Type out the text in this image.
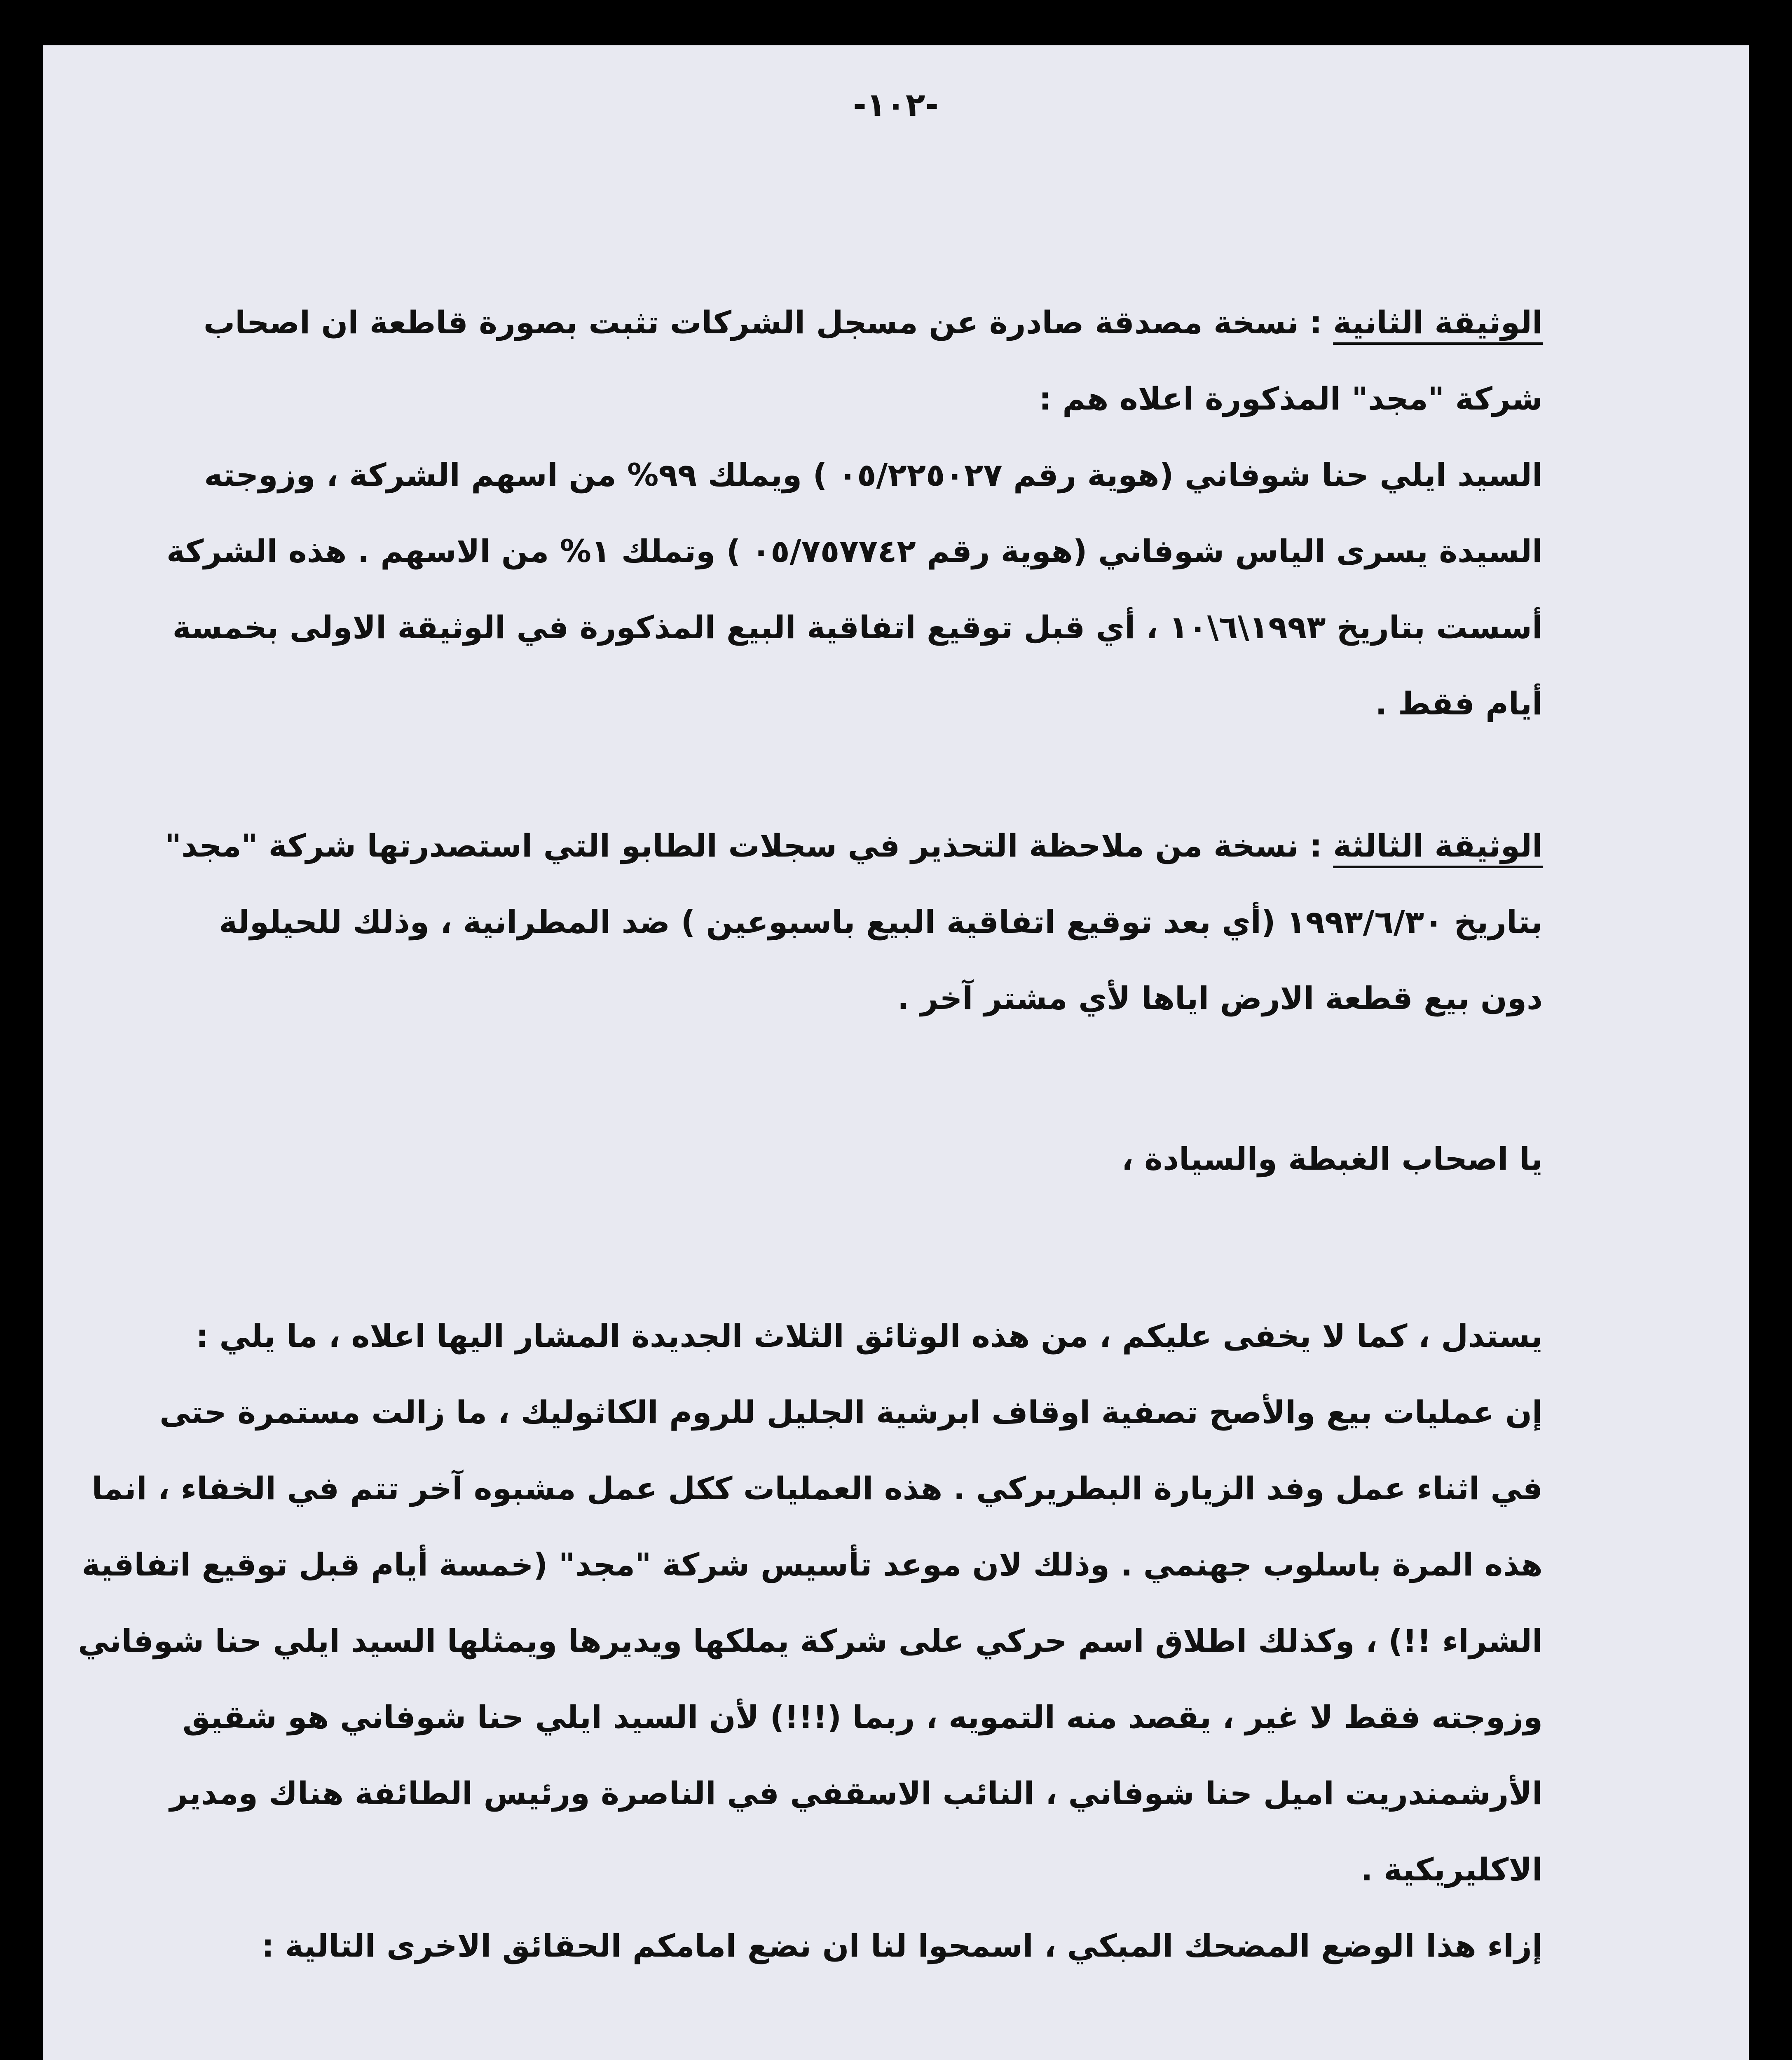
-١٠٢-
الوثيقة الثانية : نسخة مصدقة صادرة عن مسجل الشركات تثبت بصورة قاطعة ان اصحاب
شركة "مجد" المذكورة اعلاه هم :
السيد ايلي حنا شوفاني (هوية رقم ٠٥/٢٢٥٠٢٧ ) ويملك ٩٩% من اسهم الشركة ، وزوجته
السيدة يسرى الياس شوفاني (هوية رقم ٠٥/٧٥٧٧٤٢ ) وتملك ١% من الاسهم . هذه الشركة
أسست بتاريخ ١٩٩٣\٦\١٠ ، أي قبل توقيع اتفاقية البيع المذكورة في الوثيقة الاولى بخمسة
أيام فقط .
الوثيقة الثالثة : نسخة من ملاحظة التحذير في سجلات الطابو التي استصدرتها شركة "مجد"
بتاريخ ١٩٩٣/٦/٣٠ (أي بعد توقيع اتفاقية البيع باسبوعين ) ضد المطرانية ، وذلك للحيلولة
دون بيع قطعة الارض اياها لأي مشتر آخر .
يا اصحاب الغبطة والسيادة ،
يستدل ، كما لا يخفى عليكم ، من هذه الوثائق الثلاث الجديدة المشار اليها اعلاه ، ما يلي :
إن عمليات بيع والأصح تصفية اوقاف ابرشية الجليل للروم الكاثوليك ، ما زالت مستمرة حتى
في اثناء عمل وفد الزيارة البطريركي . هذه العمليات ككل عمل مشبوه آخر تتم في الخفاء ، انما
هذه المرة باسلوب جهنمي . وذلك لان موعد تأسيس شركة "مجد" (خمسة أيام قبل توقيع اتفاقية
الشراء !!) ، وكذلك اطلاق اسم حركي على شركة يملكها ويديرها ويمثلها السيد ايلي حنا شوفاني
وزوجته فقط لا غير ، يقصد منه التمويه ، ربما (!!!) لأن السيد ايلي حنا شوفاني هو شقيق
الأرشمندريت اميل حنا شوفاني ، النائب الاسقفي في الناصرة ورئيس الطائفة هناك ومدير
الاكليريكية .
إزاء هذا الوضع المضحك المبكي ، اسمحوا لنا ان نضع امامكم الحقائق الاخرى التالية :
